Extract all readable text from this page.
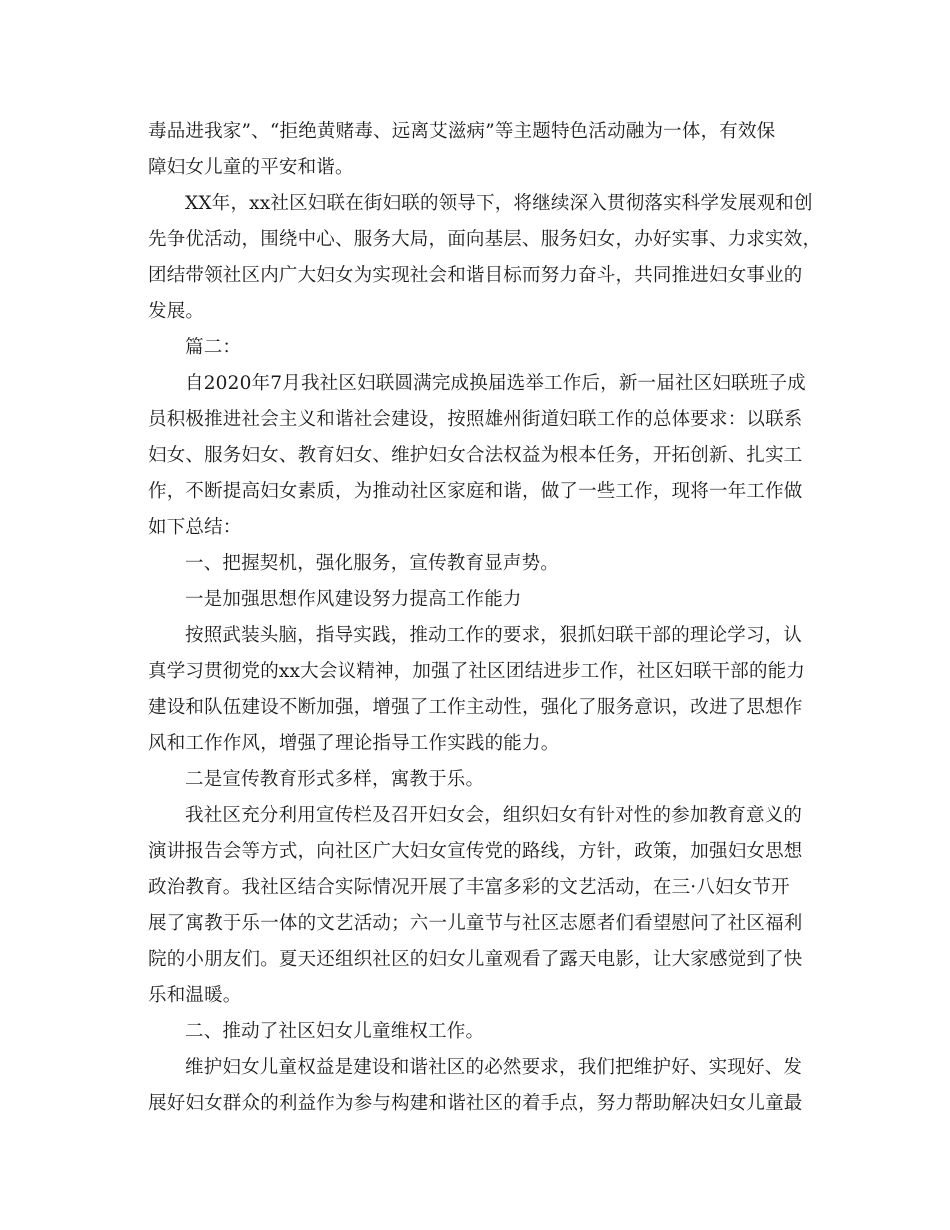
毒品进我家”、“拒绝黄赌毒、远离艾滋病”等主题特色活动融为一体，有效保
障妇女儿童的平安和谐。
XX年，xx社区妇联在街妇联的领导下，将继续深入贯彻落实科学发展观和创
先争优活动，围绕中心、服务大局，面向基层、服务妇女，办好实事、力求实效，
团结带领社区内广大妇女为实现社会和谐目标而努力奋斗，共同推进妇女事业的
发展。
篇二：
自2020年7月我社区妇联圆满完成换届选举工作后，新一届社区妇联班子成
员积极推进社会主义和谐社会建设，按照雄州街道妇联工作的总体要求：以联系
妇女、服务妇女、教育妇女、维护妇女合法权益为根本任务，开拓创新、扎实工
作，不断提高妇女素质，为推动社区家庭和谐，做了一些工作，现将一年工作做
如下总结：
一、把握契机，强化服务，宣传教育显声势。
一是加强思想作风建设努力提高工作能力
按照武装头脑，指导实践，推动工作的要求，狠抓妇联干部的理论学习，认
真学习贯彻党的xx大会议精神，加强了社区团结进步工作，社区妇联干部的能力
建设和队伍建设不断加强，增强了工作主动性，强化了服务意识，改进了思想作
风和工作作风，增强了理论指导工作实践的能力。
二是宣传教育形式多样，寓教于乐。
我社区充分利用宣传栏及召开妇女会，组织妇女有针对性的参加教育意义的
演讲报告会等方式，向社区广大妇女宣传党的路线，方针，政策，加强妇女思想
政治教育。我社区结合实际情况开展了丰富多彩的文艺活动，在三·八妇女节开
展了寓教于乐一体的文艺活动；六一儿童节与社区志愿者们看望慰问了社区福利
院的小朋友们。夏天还组织社区的妇女儿童观看了露天电影，让大家感觉到了快
乐和温暖。
二、推动了社区妇女儿童维权工作。
维护妇女儿童权益是建设和谐社区的必然要求，我们把维护好、实现好、发
展好妇女群众的利益作为参与构建和谐社区的着手点，努力帮助解决妇女儿童最
